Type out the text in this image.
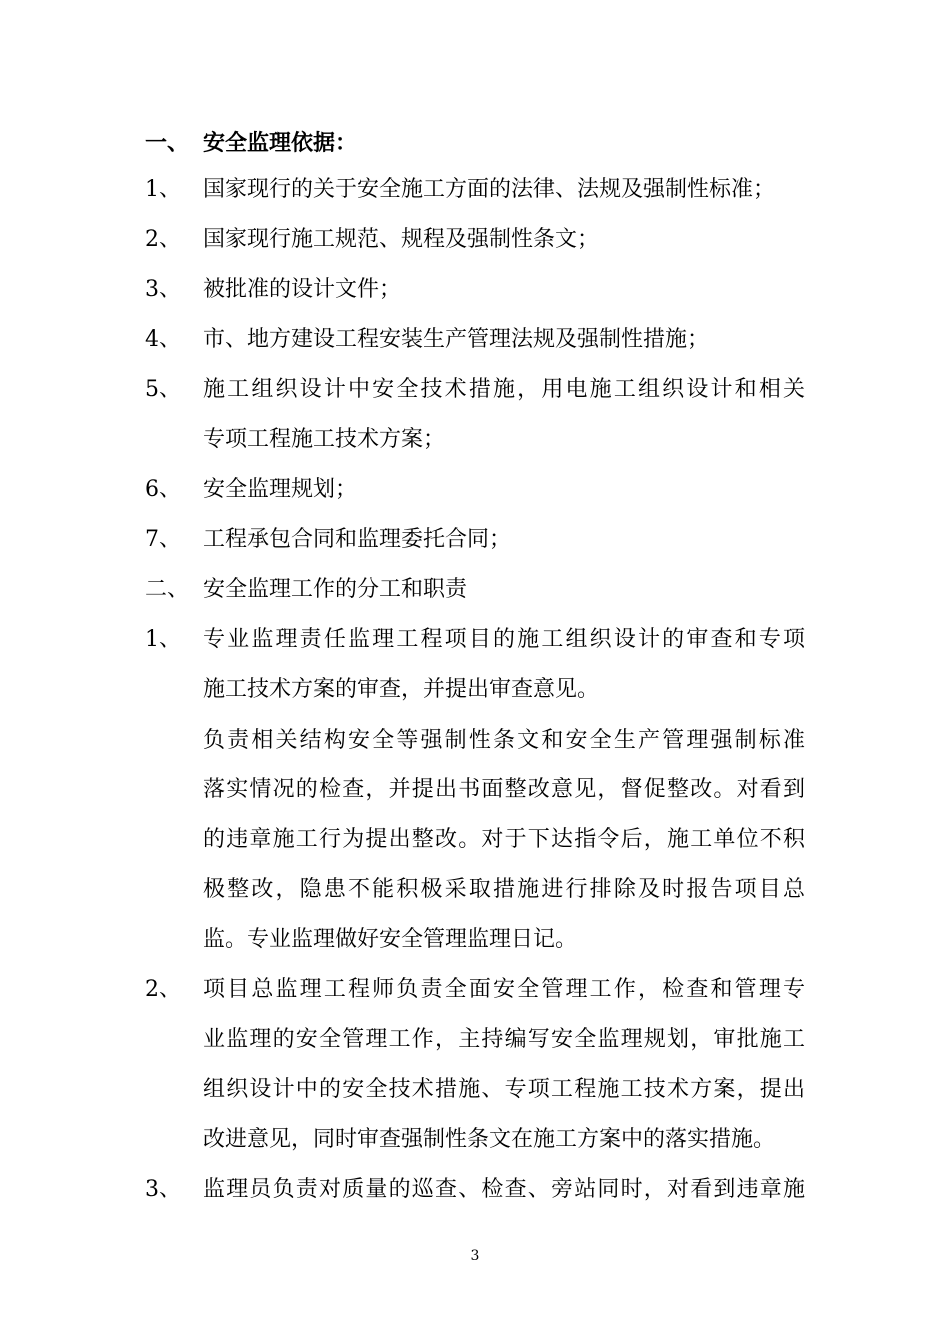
一、 安全监理依据：
1、 国家现行的关于安全施工方面的法律、法规及强制性标准；
2、 国家现行施工规范、规程及强制性条文；
3、 被批准的设计文件；
4、 市、地方建设工程安装生产管理法规及强制性措施；
5、 施工组织设计中安全技术措施，用电施工组织设计和相关
专项工程施工技术方案；
6、 安全监理规划；
7、 工程承包合同和监理委托合同；
二、 安全监理工作的分工和职责
1、 专业监理责任监理工程项目的施工组织设计的审查和专项
施工技术方案的审查，并提出审查意见。
负责相关结构安全等强制性条文和安全生产管理强制标准
落实情况的检查，并提出书面整改意见，督促整改。对看到
的违章施工行为提出整改。对于下达指令后，施工单位不积
极整改，隐患不能积极采取措施进行排除及时报告项目总
监。专业监理做好安全管理监理日记。
2、 项目总监理工程师负责全面安全管理工作，检查和管理专
业监理的安全管理工作，主持编写安全监理规划，审批施工
组织设计中的安全技术措施、专项工程施工技术方案，提出
改进意见，同时审查强制性条文在施工方案中的落实措施。
3、 监理员负责对质量的巡查、检查、旁站同时，对看到违章施
3
